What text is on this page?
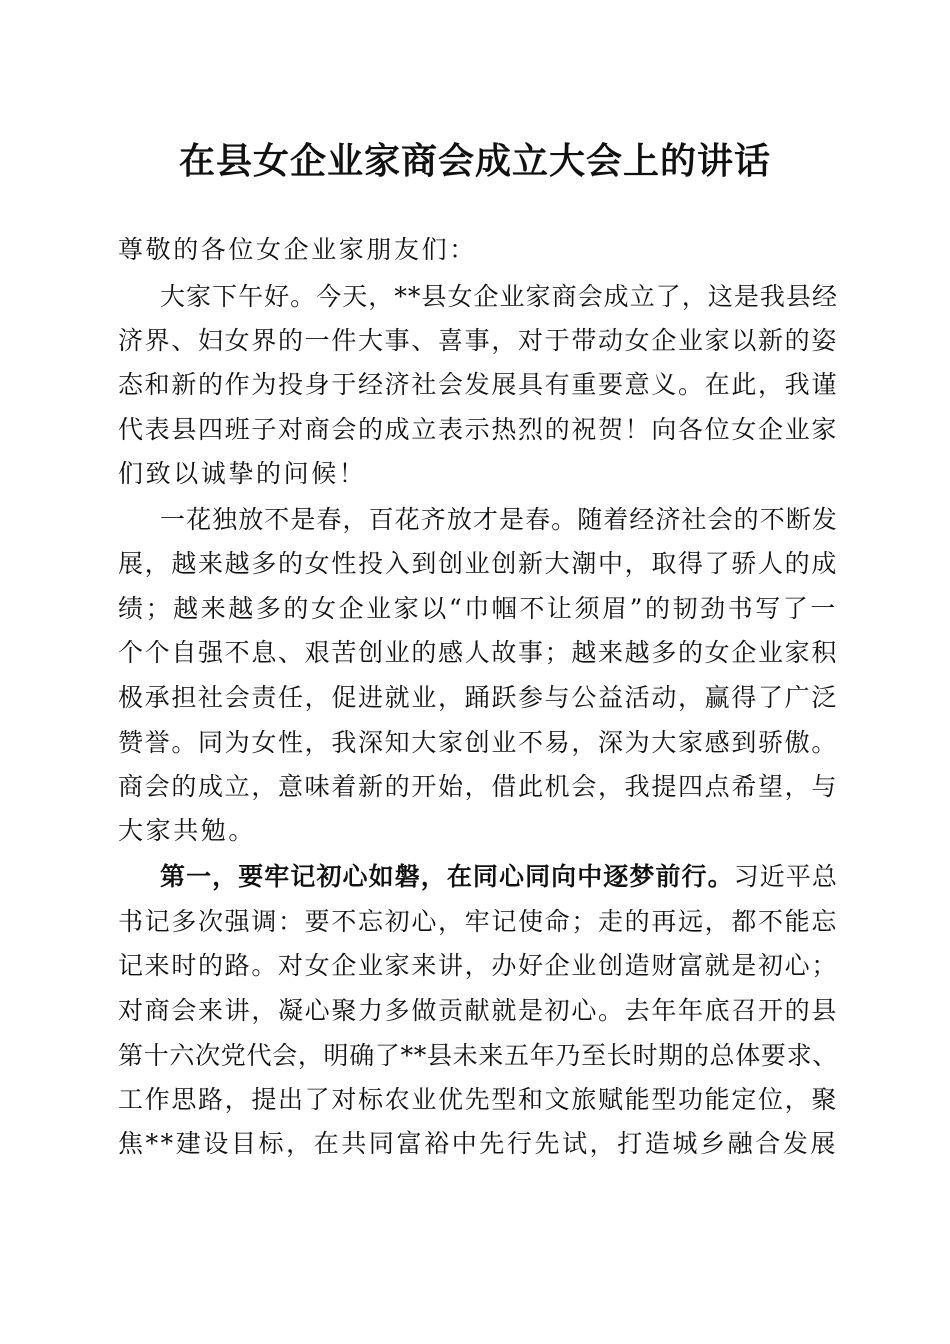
在县女企业家商会成立大会上的讲话
尊敬的各位女企业家朋友们：
大家下午好。今天，**县女企业家商会成立了，这是我县经
济界、妇女界的一件大事、喜事，对于带动女企业家以新的姿
态和新的作为投身于经济社会发展具有重要意义。在此，我谨
代表县四班子对商会的成立表示热烈的祝贺！向各位女企业家
们致以诚挚的问候！
一花独放不是春，百花齐放才是春。随着经济社会的不断发
展，越来越多的女性投入到创业创新大潮中，取得了骄人的成
绩；越来越多的女企业家以“巾帼不让须眉”的韧劲书写了一
个个自强不息、艰苦创业的感人故事；越来越多的女企业家积
极承担社会责任，促进就业，踊跃参与公益活动，赢得了广泛
赞誉。同为女性，我深知大家创业不易，深为大家感到骄傲。
商会的成立，意味着新的开始，借此机会，我提四点希望，与
大家共勉。
第一，要牢记初心如磐，在同心同向中逐梦前行。习近平总
书记多次强调：要不忘初心，牢记使命；走的再远，都不能忘
记来时的路。对女企业家来讲，办好企业创造财富就是初心；
对商会来讲，凝心聚力多做贡献就是初心。去年年底召开的县
第十六次党代会，明确了**县未来五年乃至长时期的总体要求、
工作思路，提出了对标农业优先型和文旅赋能型功能定位，聚
焦**建设目标，在共同富裕中先行先试，打造城乡融合发展
